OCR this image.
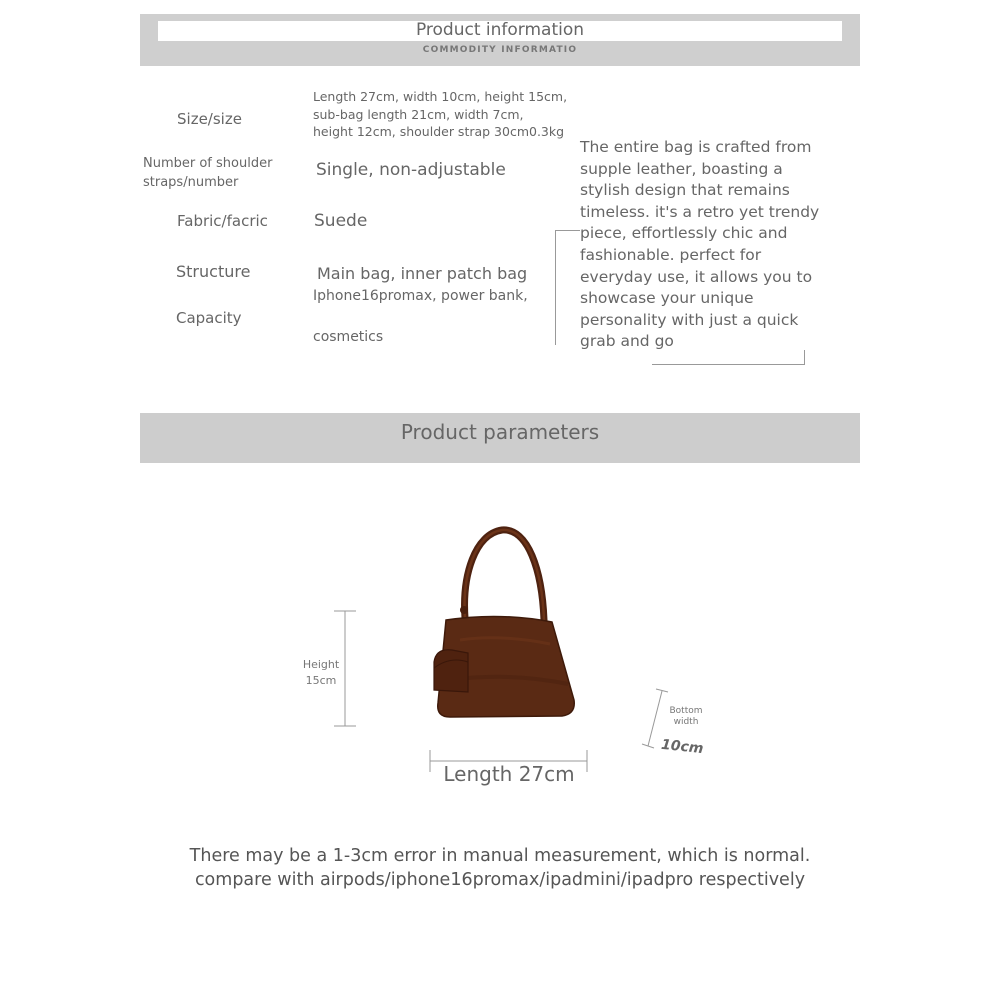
Product information
COMMODITY INFORMATIO
Size/size
Length 27cm, width 10cm, height 15cm,
sub-bag length 21cm, width 7cm,
height 12cm, shoulder strap 30cm0.3kg
Number of shoulder
straps/number
Single, non-adjustable
Fabric/facric	Suede
Structure	Main bag, inner patch bag
Capacity
Iphone16promax, power bank,
cosmetics
The entire bag is crafted from
supple leather, boasting a
stylish design that remains
timeless. it's a retro yet trendy
piece, effortlessly chic and
fashionable. perfect for
everyday use, it allows you to
showcase your unique
personality with just a quick
grab and go
Product parameters
Height
15cm
Bottom
width
10cm
Length 27cm
There may be a 1-3cm error in manual measurement, which is normal.
compare with airpods/iphone16promax/ipadmini/ipadpro respectively
